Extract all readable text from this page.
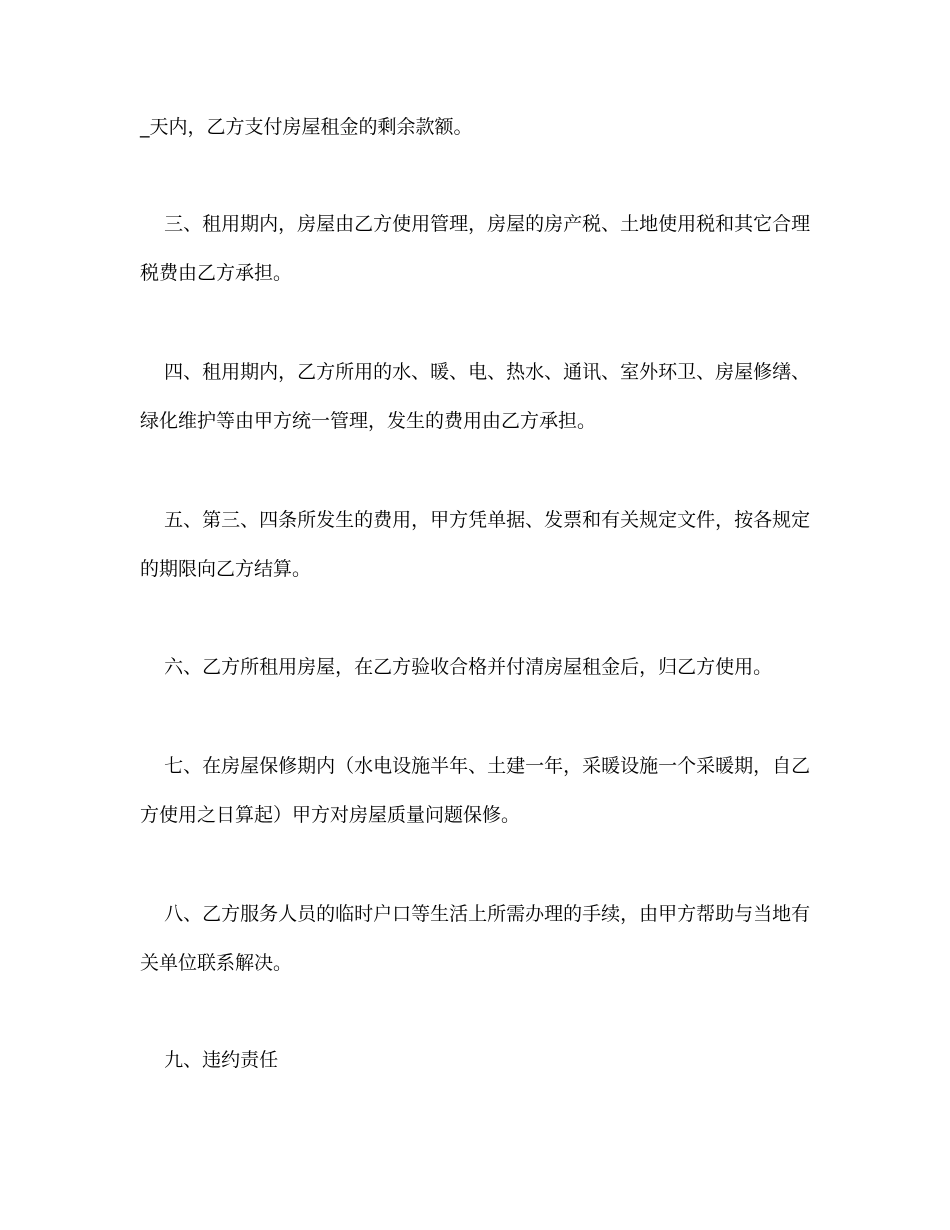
_天内，乙方支付房屋租金的剩余款额。
三、租用期内，房屋由乙方使用管理，房屋的房产税、土地使用税和其它合理
税费由乙方承担。
四、租用期内，乙方所用的水、暖、电、热水、通讯、室外环卫、房屋修缮、
绿化维护等由甲方统一管理，发生的费用由乙方承担。
五、第三、四条所发生的费用，甲方凭单据、发票和有关规定文件，按各规定
的期限向乙方结算。
六、乙方所租用房屋，在乙方验收合格并付清房屋租金后，归乙方使用。
七、在房屋保修期内（水电设施半年、土建一年，采暖设施一个采暖期，自乙
方使用之日算起）甲方对房屋质量问题保修。
八、乙方服务人员的临时户口等生活上所需办理的手续，由甲方帮助与当地有
关单位联系解决。
九、违约责任
